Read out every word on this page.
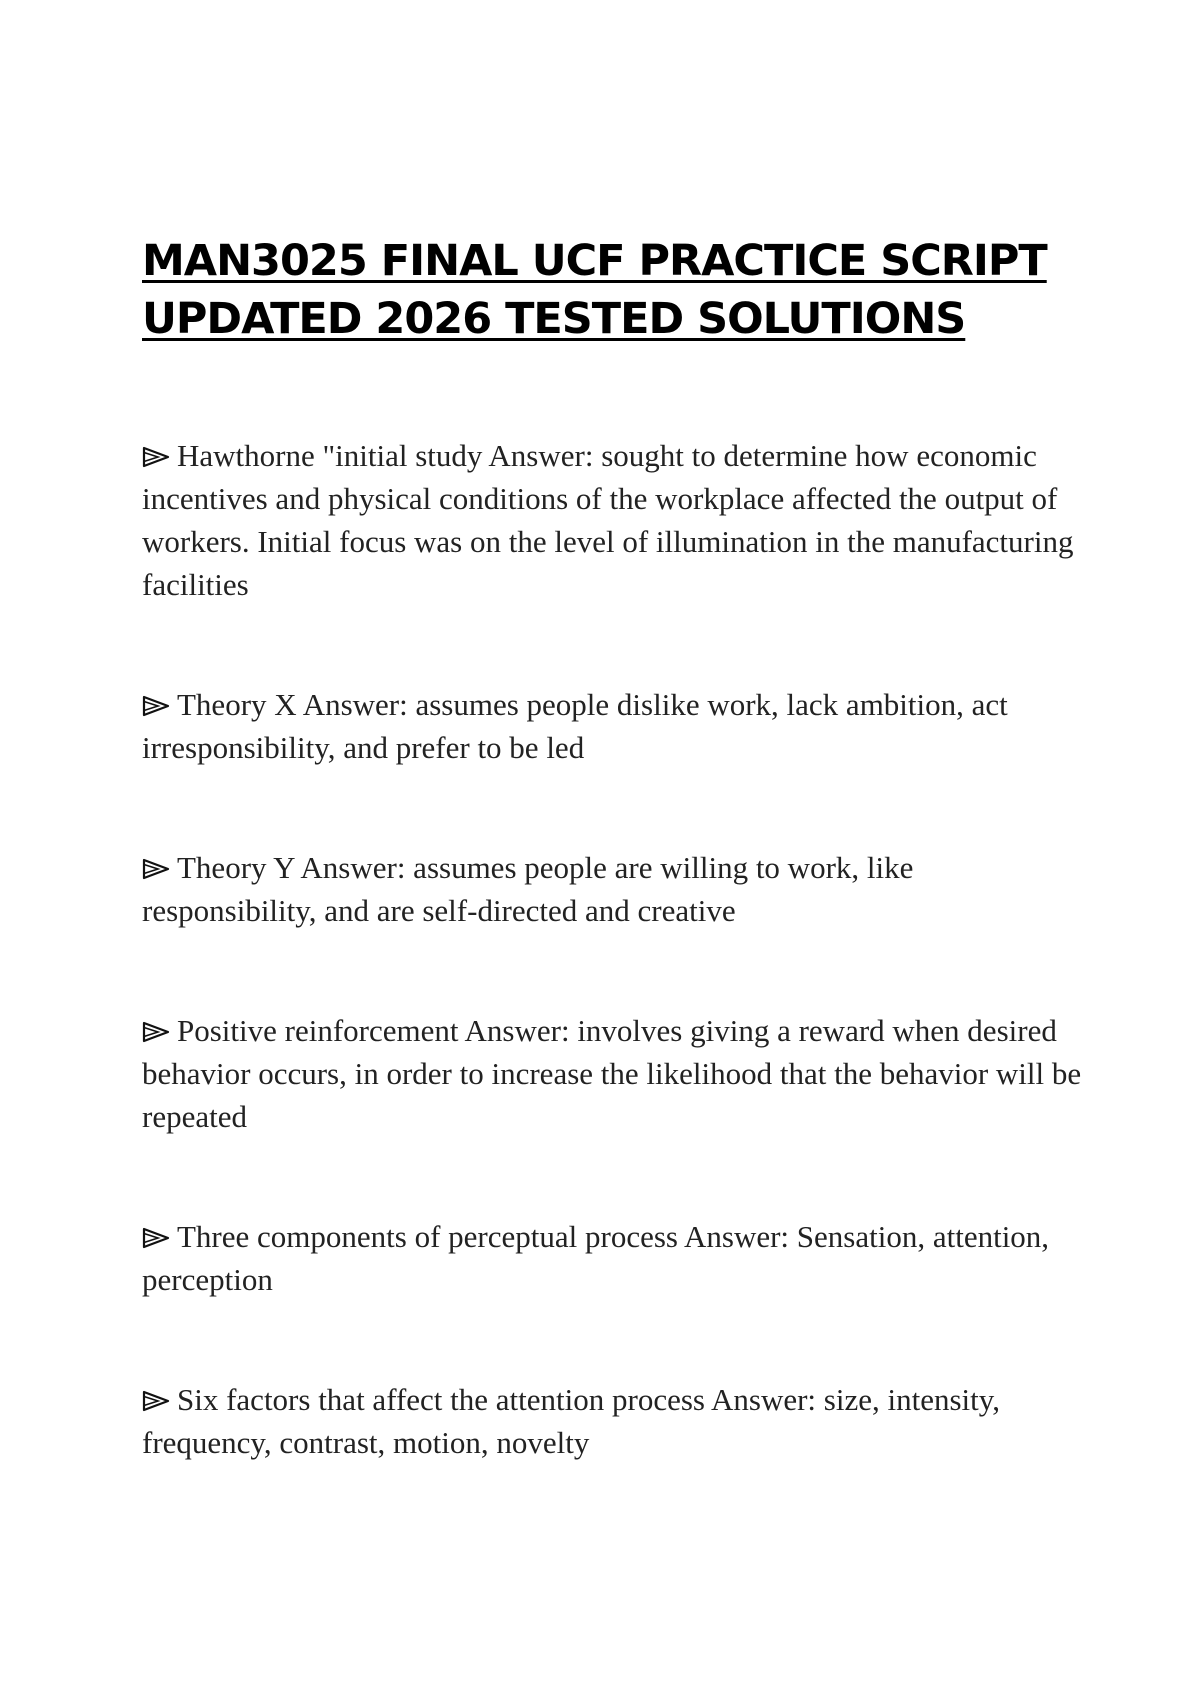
MAN3025 FINAL UCF PRACTICE SCRIPT
UPDATED 2026 TESTED SOLUTIONS
Hawthorne "initial study Answer: sought to determine how economic incentives and physical conditions of the workplace affected the output of workers. Initial focus was on the level of illumination in the manufacturing facilities
Theory X Answer: assumes people dislike work, lack ambition, act irresponsibility, and prefer to be led
Theory Y Answer: assumes people are willing to work, like responsibility, and are self-directed and creative
Positive reinforcement Answer: involves giving a reward when desired behavior occurs, in order to increase the likelihood that the behavior will be repeated
Three components of perceptual process Answer: Sensation, attention, perception
Six factors that affect the attention process Answer: size, intensity, frequency, contrast, motion, novelty
